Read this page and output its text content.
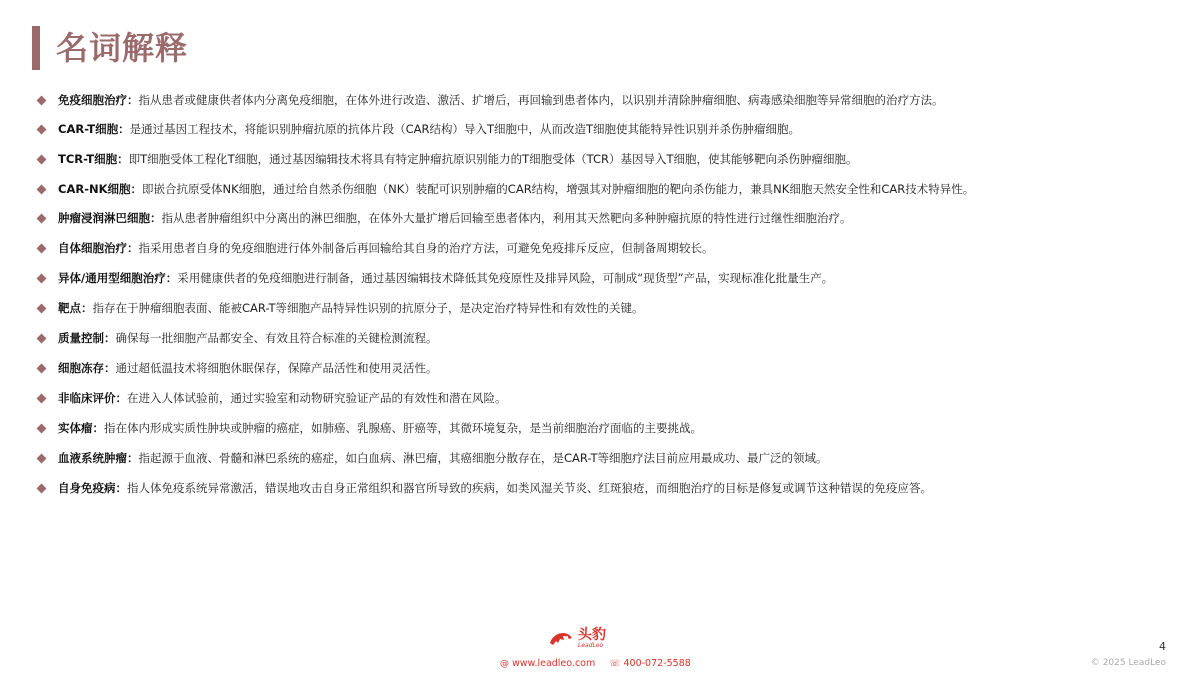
名词解释
免疫细胞治疗：指从患者或健康供者体内分离免疫细胞，在体外进行改造、激活、扩增后，再回输到患者体内，以识别并清除肿瘤细胞、病毒感染细胞等异常细胞的治疗方法。
CAR-T细胞：是通过基因工程技术，将能识别肿瘤抗原的抗体片段（CAR结构）导入T细胞中，从而改造T细胞使其能特异性识别并杀伤肿瘤细胞。
TCR-T细胞：即T细胞受体工程化T细胞，通过基因编辑技术将具有特定肿瘤抗原识别能力的T细胞受体（TCR）基因导入T细胞，使其能够靶向杀伤肿瘤细胞。
CAR-NK细胞：即嵌合抗原受体NK细胞，通过给自然杀伤细胞（NK）装配可识别肿瘤的CAR结构，增强其对肿瘤细胞的靶向杀伤能力，兼具NK细胞天然安全性和CAR技术特异性。
肿瘤浸润淋巴细胞：指从患者肿瘤组织中分离出的淋巴细胞，在体外大量扩增后回输至患者体内，利用其天然靶向多种肿瘤抗原的特性进行过继性细胞治疗。
自体细胞治疗：指采用患者自身的免疫细胞进行体外制备后再回输给其自身的治疗方法，可避免免疫排斥反应，但制备周期较长。
异体/通用型细胞治疗：采用健康供者的免疫细胞进行制备，通过基因编辑技术降低其免疫原性及排异风险，可制成“现货型”产品，实现标准化批量生产。
靶点：指存在于肿瘤细胞表面、能被CAR-T等细胞产品特异性识别的抗原分子，是决定治疗特异性和有效性的关键。
质量控制：确保每一批细胞产品都安全、有效且符合标准的关键检测流程。
细胞冻存：通过超低温技术将细胞休眠保存，保障产品活性和使用灵活性。
非临床评价：在进入人体试验前，通过实验室和动物研究验证产品的有效性和潜在风险。
实体瘤：指在体内形成实质性肿块或肿瘤的癌症，如肺癌、乳腺癌、肝癌等，其微环境复杂，是当前细胞治疗面临的主要挑战。
血液系统肿瘤：指起源于血液、骨髓和淋巴系统的癌症，如白血病、淋巴瘤，其癌细胞分散存在，是CAR-T等细胞疗法目前应用最成功、最广泛的领域。
自身免疫病：指人体免疫系统异常激活，错误地攻击自身正常组织和器官所导致的疾病，如类风湿关节炎、红斑狼疮，而细胞治疗的目标是修复或调节这种错误的免疫应答。
头豹
LeadLeo
@ www.leadleo.com ☏ 400-072-5588
4
© 2025 LeadLeo
